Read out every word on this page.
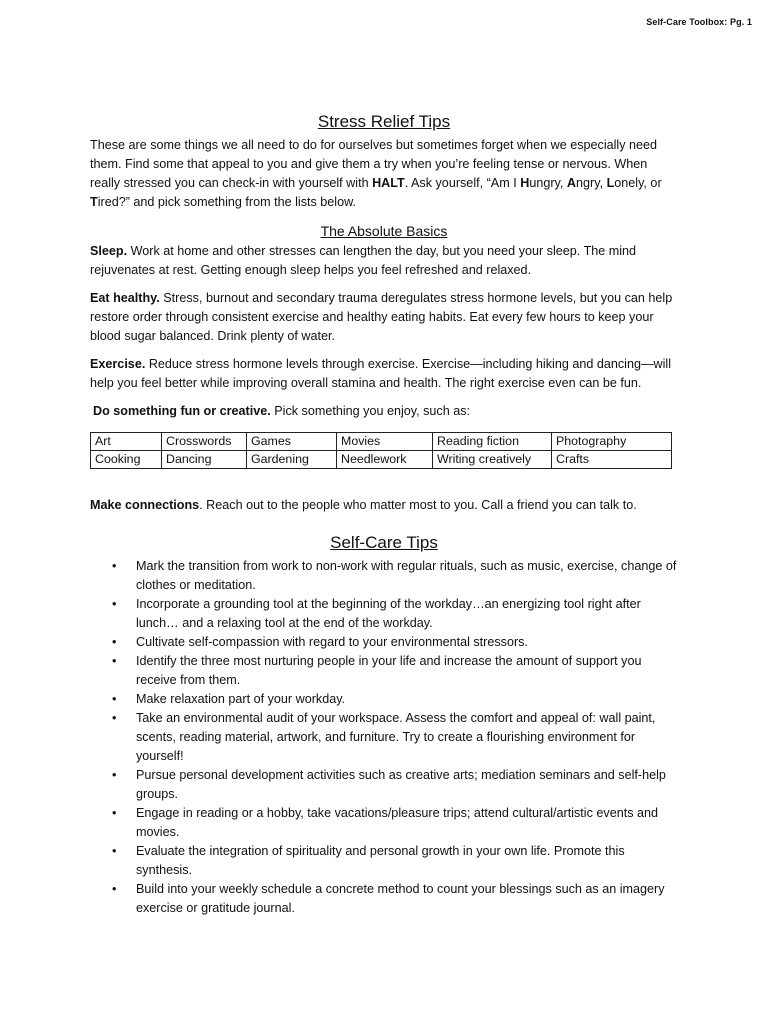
Self-Care Toolbox: Pg. 1
Stress Relief Tips

These are some things we all need to do for ourselves but sometimes forget when we especially need them. Find some that appeal to you and give them a try when you’re feeling tense or nervous. When really stressed you can check-in with yourself with HALT. Ask yourself, “Am I Hungry, Angry, Lonely, or Tired?” and pick something from the lists below.

The Absolute Basics

Sleep. Work at home and other stresses can lengthen the day, but you need your sleep. The mind rejuvenates at rest. Getting enough sleep helps you feel refreshed and relaxed.

Eat healthy. Stress, burnout and secondary trauma deregulates stress hormone levels, but you can help restore order through consistent exercise and healthy eating habits. Eat every few hours to keep your blood sugar balanced. Drink plenty of water.

Exercise. Reduce stress hormone levels through exercise. Exercise—including hiking and dancing—will help you feel better while improving overall stamina and health. The right exercise even can be fun.

Do something fun or creative. Pick something you enjoy, such as:

Art	Crosswords	Games	Movies	Reading fiction	Photography
Cooking	Dancing	Gardening	Needlework	Writing creatively	Crafts

Make connections. Reach out to the people who matter most to you. Call a friend you can talk to.

Self-Care Tips
• Mark the transition from work to non-work with regular rituals, such as music, exercise, change of clothes or meditation.
• Incorporate a grounding tool at the beginning of the workday…an energizing tool right after lunch… and a relaxing tool at the end of the workday.
• Cultivate self-compassion with regard to your environmental stressors.
• Identify the three most nurturing people in your life and increase the amount of support you receive from them.
• Make relaxation part of your workday.
• Take an environmental audit of your workspace. Assess the comfort and appeal of: wall paint, scents, reading material, artwork, and furniture. Try to create a flourishing environment for yourself!
• Pursue personal development activities such as creative arts; mediation seminars and self-help groups.
• Engage in reading or a hobby, take vacations/pleasure trips; attend cultural/artistic events and movies.
• Evaluate the integration of spirituality and personal growth in your own life. Promote this synthesis.
• Build into your weekly schedule a concrete method to count your blessings such as an imagery exercise or gratitude journal.
